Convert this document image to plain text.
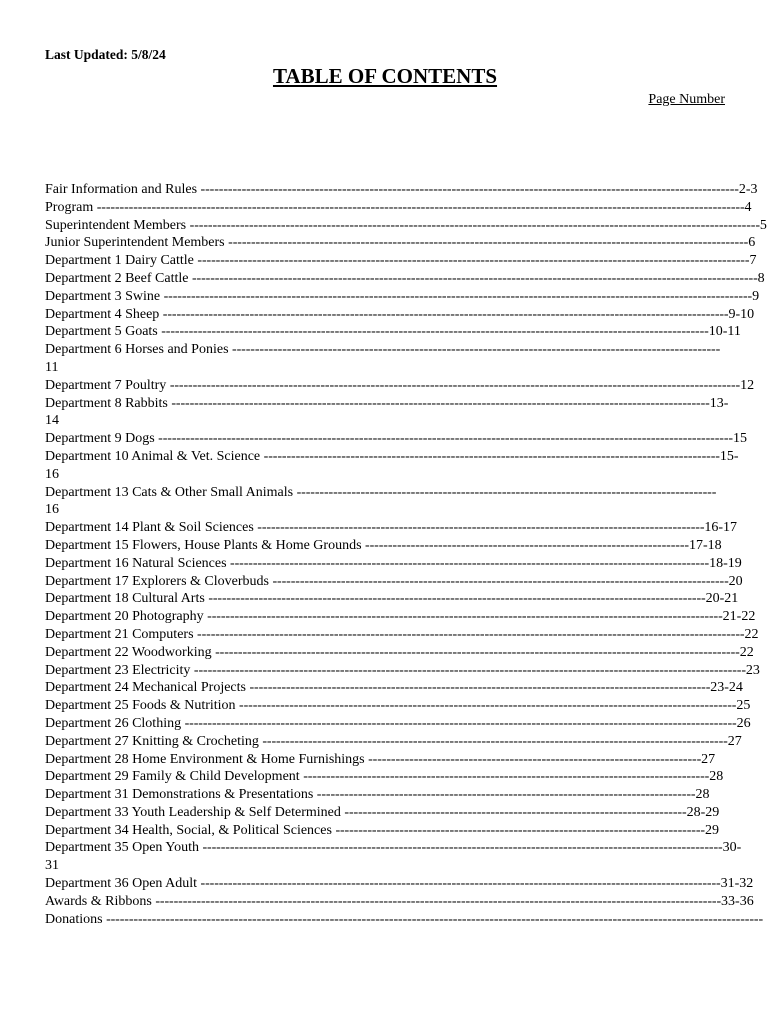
Last Updated: 5/8/24
TABLE OF CONTENTS
Page Number
Fair Information and Rules ----------------------------------------------------------------------------------------------------------------------2-3
Program ----------------------------------------------------------------------------------------------------------------------------------------------4
Superintendent Members -----------------------------------------------------------------------------------------------------------------------------5
Junior Superintendent Members ------------------------------------------------------------------------------------------------------------------6
Department 1 Dairy Cattle -------------------------------------------------------------------------------------------------------------------------7
Department 2 Beef Cattle ----------------------------------------------------------------------------------------------------------------------------8
Department 3 Swine ---------------------------------------------------------------------------------------------------------------------------------9
Department 4 Sheep ----------------------------------------------------------------------------------------------------------------------------9-10
Department 5 Goats ------------------------------------------------------------------------------------------------------------------------10-11
Department 6 Horses and Ponies -----------------------------------------------------------------------------------------------------------
11
Department 7 Poultry -----------------------------------------------------------------------------------------------------------------------------12
Department 8 Rabbits ----------------------------------------------------------------------------------------------------------------------13-
14
Department 9 Dogs ------------------------------------------------------------------------------------------------------------------------------15
Department 10 Animal & Vet. Science ----------------------------------------------------------------------------------------------------15-
16
Department 13 Cats & Other Small Animals --------------------------------------------------------------------------------------------
16
Department 14 Plant & Soil Sciences --------------------------------------------------------------------------------------------------16-17
Department 15 Flowers, House Plants & Home Grounds -----------------------------------------------------------------------17-18
Department 16 Natural Sciences ---------------------------------------------------------------------------------------------------------18-19
Department 17 Explorers & Cloverbuds ----------------------------------------------------------------------------------------------------20
Department 18 Cultural Arts -------------------------------------------------------------------------------------------------------------20-21
Department 20 Photography -----------------------------------------------------------------------------------------------------------------21-22
Department 21 Computers ------------------------------------------------------------------------------------------------------------------------22
Department 22 Woodworking -------------------------------------------------------------------------------------------------------------------22
Department 23 Electricity -------------------------------------------------------------------------------------------------------------------------23
Department 24 Mechanical Projects -----------------------------------------------------------------------------------------------------23-24
Department 25 Foods & Nutrition -------------------------------------------------------------------------------------------------------------25
Department 26 Clothing -------------------------------------------------------------------------------------------------------------------------26
Department 27 Knitting & Crocheting ------------------------------------------------------------------------------------------------------27
Department 28 Home Environment & Home Furnishings -------------------------------------------------------------------------27
Department 29 Family & Child Development -----------------------------------------------------------------------------------------28
Department 31 Demonstrations & Presentations -----------------------------------------------------------------------------------28
Department 33 Youth Leadership & Self Determined ---------------------------------------------------------------------------28-29
Department 34 Health, Social, & Political Sciences ---------------------------------------------------------------------------------29
Department 35 Open Youth ------------------------------------------------------------------------------------------------------------------30-
31
Department 36 Open Adult ------------------------------------------------------------------------------------------------------------------31-32
Awards & Ribbons ----------------------------------------------------------------------------------------------------------------------------33-36
Donations ------------------------------------------------------------------------------------------------------------------------------------------------
